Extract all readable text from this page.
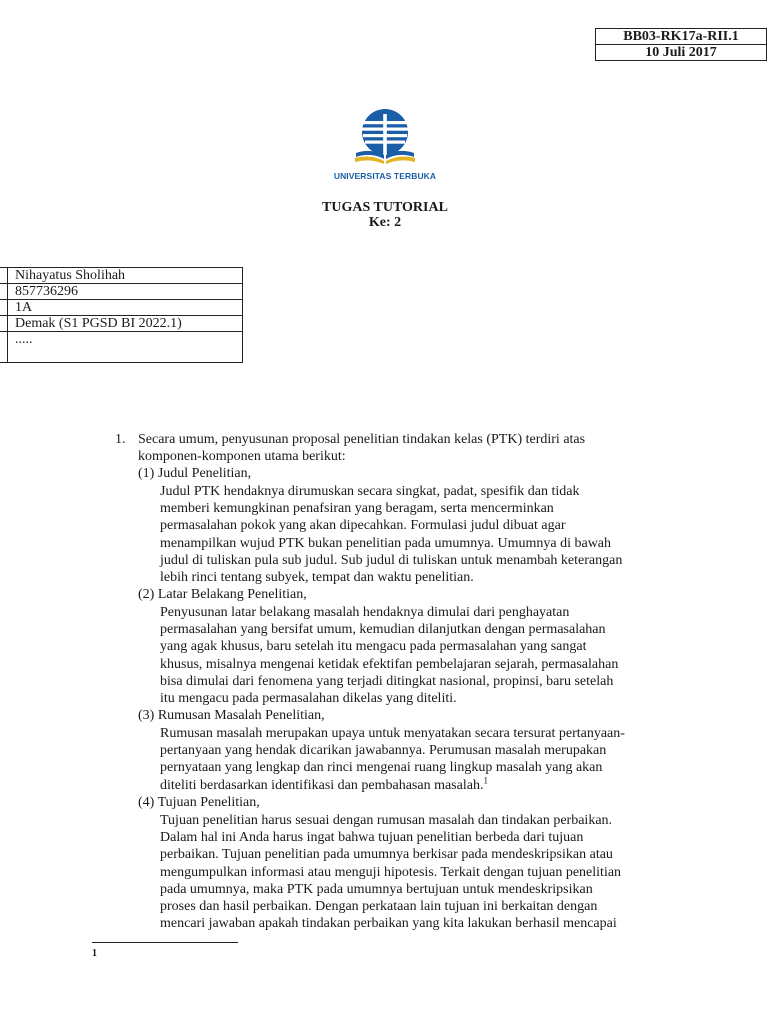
BB03-RK17a-RII.1
10 Juli 2017
UNIVERSITAS TERBUKA
TUGAS TUTORIAL
Ke: 2
	Nihayatus Sholihah
	857736296
	1A
	Demak (S1 PGSD BI 2022.1)
	.....
1. Secara umum, penyusunan proposal penelitian tindakan kelas (PTK) terdiri atas
komponen-komponen utama berikut:
(1) Judul Penelitian,
Judul PTK hendaknya dirumuskan secara singkat, padat, spesifik dan tidak
memberi kemungkinan penafsiran yang beragam, serta mencerminkan
permasalahan pokok yang akan dipecahkan. Formulasi judul dibuat agar
menampilkan wujud PTK bukan penelitian pada umumnya. Umumnya di bawah
judul di tuliskan pula sub judul. Sub judul di tuliskan untuk menambah keterangan
lebih rinci tentang subyek, tempat dan waktu penelitian.
(2) Latar Belakang Penelitian,
Penyusunan latar belakang masalah hendaknya dimulai dari penghayatan
permasalahan yang bersifat umum, kemudian dilanjutkan dengan permasalahan
yang agak khusus, baru setelah itu mengacu pada permasalahan yang sangat
khusus, misalnya mengenai ketidak efektifan pembelajaran sejarah, permasalahan
bisa dimulai dari fenomena yang terjadi ditingkat nasional, propinsi, baru setelah
itu mengacu pada permasalahan dikelas yang diteliti.
(3) Rumusan Masalah Penelitian,
Rumusan masalah merupakan upaya untuk menyatakan secara tersurat pertanyaan-
pertanyaan yang hendak dicarikan jawabannya. Perumusan masalah merupakan
pernyataan yang lengkap dan rinci mengenai ruang lingkup masalah yang akan
diteliti berdasarkan identifikasi dan pembahasan masalah.$^1$
(4) Tujuan Penelitian,
Tujuan penelitian harus sesuai dengan rumusan masalah dan tindakan perbaikan.
Dalam hal ini Anda harus ingat bahwa tujuan penelitian berbeda dari tujuan
perbaikan. Tujuan penelitian pada umumnya berkisar pada mendeskripsikan atau
mengumpulkan informasi atau menguji hipotesis. Terkait dengan tujuan penelitian
pada umumnya, maka PTK pada umumnya bertujuan untuk mendeskripsikan
proses dan hasil perbaikan. Dengan perkataan lain tujuan ini berkaitan dengan
mencari jawaban apakah tindakan perbaikan yang kita lakukan berhasil mencapai
1
